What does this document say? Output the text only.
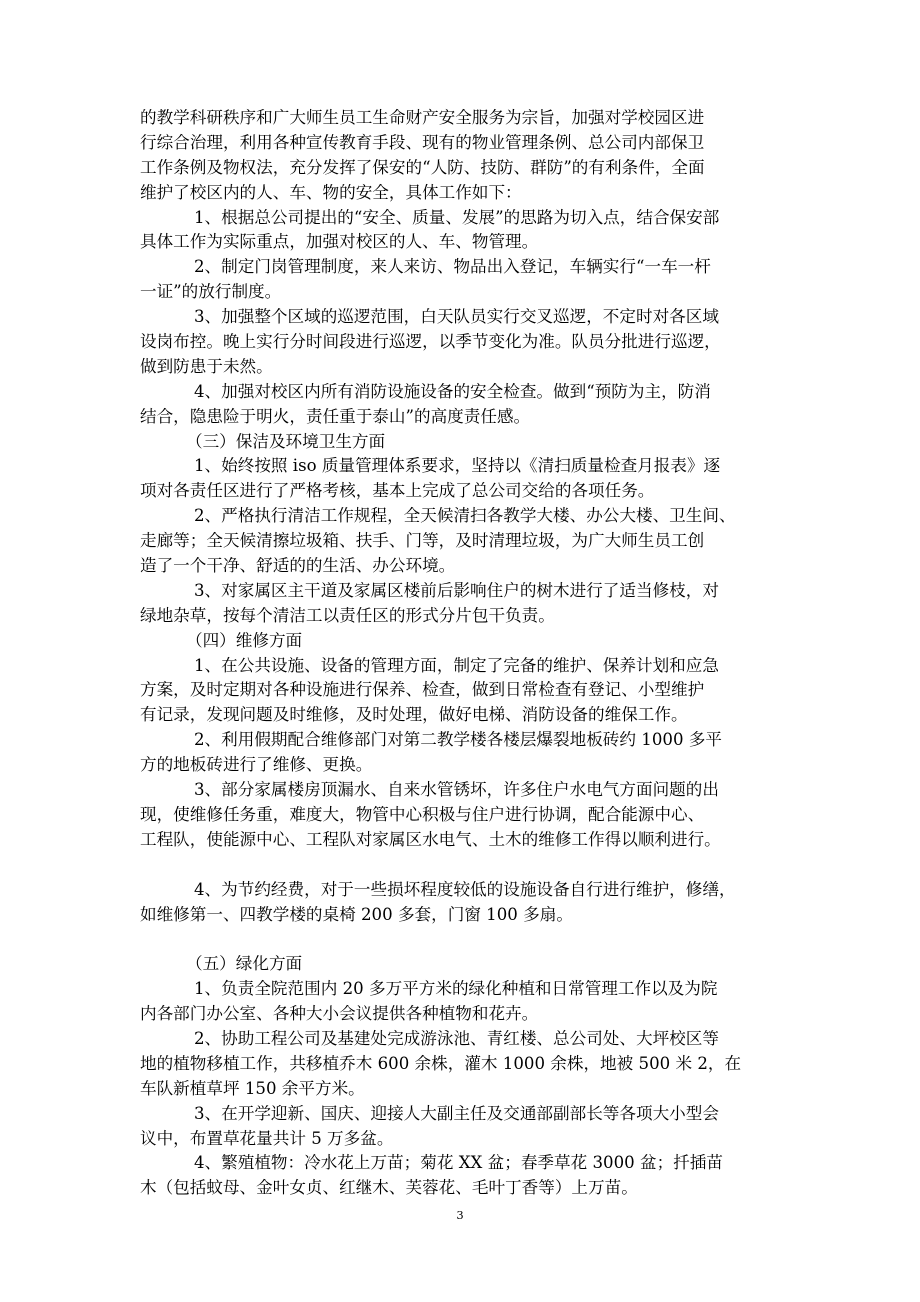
的教学科研秩序和广大师生员工生命财产安全服务为宗旨，加强对学校园区进
行综合治理，利用各种宣传教育手段、现有的物业管理条例、总公司内部保卫
工作条例及物权法，充分发挥了保安的“人防、技防、群防”的有利条件，全面
维护了校区内的人、车、物的安全，具体工作如下：
1、根据总公司提出的“安全、质量、发展”的思路为切入点，结合保安部
具体工作为实际重点，加强对校区的人、车、物管理。
2、制定门岗管理制度，来人来访、物品出入登记，车辆实行“一车一杆
一证”的放行制度。
3、加强整个区域的巡逻范围，白天队员实行交叉巡逻，不定时对各区域
设岗布控。晚上实行分时间段进行巡逻，以季节变化为准。队员分批进行巡逻，
做到防患于未然。
4、加强对校区内所有消防设施设备的安全检查。做到“预防为主，防消
结合，隐患险于明火，责任重于泰山”的高度责任感。
（三）保洁及环境卫生方面
1、始终按照 iso 质量管理体系要求，坚持以《清扫质量检查月报表》逐
项对各责任区进行了严格考核，基本上完成了总公司交给的各项任务。
2、严格执行清洁工作规程，全天候清扫各教学大楼、办公大楼、卫生间、
走廊等；全天候清擦垃圾箱、扶手、门等，及时清理垃圾，为广大师生员工创
造了一个干净、舒适的的生活、办公环境。
3、对家属区主干道及家属区楼前后影响住户的树木进行了适当修枝，对
绿地杂草，按每个清洁工以责任区的形式分片包干负责。
（四）维修方面
1、在公共设施、设备的管理方面，制定了完备的维护、保养计划和应急
方案，及时定期对各种设施进行保养、检查，做到日常检查有登记、小型维护
有记录，发现问题及时维修，及时处理，做好电梯、消防设备的维保工作。
2、利用假期配合维修部门对第二教学楼各楼层爆裂地板砖约 1000 多平
方的地板砖进行了维修、更换。
3、部分家属楼房顶漏水、自来水管锈坏，许多住户水电气方面问题的出
现，使维修任务重，难度大，物管中心积极与住户进行协调，配合能源中心、
工程队，使能源中心、工程队对家属区水电气、土木的维修工作得以顺利进行。
4、为节约经费，对于一些损坏程度较低的设施设备自行进行维护，修缮，
如维修第一、四教学楼的桌椅 200 多套，门窗 100 多扇。
（五）绿化方面
1、负责全院范围内 20 多万平方米的绿化种植和日常管理工作以及为院
内各部门办公室、各种大小会议提供各种植物和花卉。
2、协助工程公司及基建处完成游泳池、青红楼、总公司处、大坪校区等
地的植物移植工作，共移植乔木 600 余株，灌木 1000 余株，地被 500 米 2，在
车队新植草坪 150 余平方米。
3、在开学迎新、国庆、迎接人大副主任及交通部副部长等各项大小型会
议中，布置草花量共计 5 万多盆。
4、繁殖植物：冷水花上万苗；菊花 XX 盆；春季草花 3000 盆；扦插苗
木（包括蚊母、金叶女贞、红继木、芙蓉花、毛叶丁香等）上万苗。
3
